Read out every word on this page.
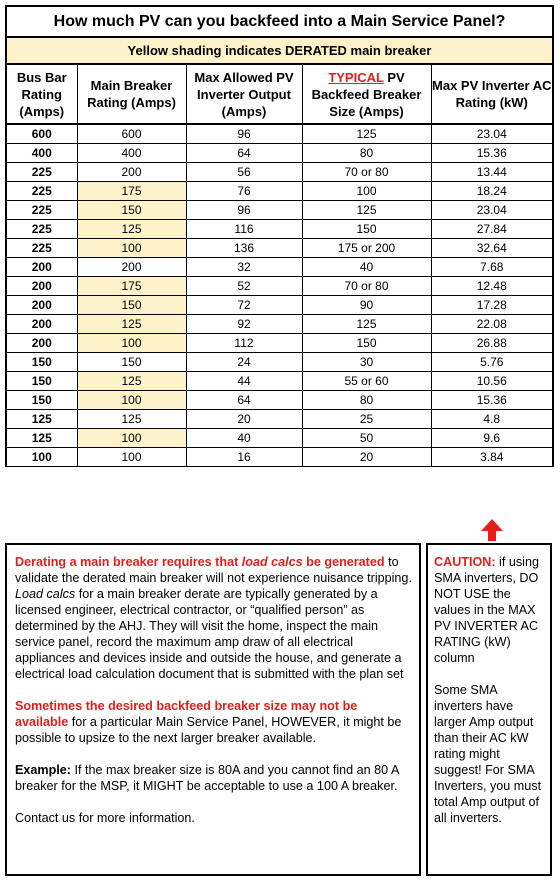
How much PV can you backfeed into a Main Service Panel?				
Yellow shading indicates DERATED main breaker				
Bus Bar Rating (Amps)	Main Breaker Rating (Amps)	Max Allowed PV Inverter Output (Amps)	TYPICAL PV Backfeed Breaker Size (Amps)	Max PV Inverter AC Rating (kW)
600	600	96	125	23.04
400	400	64	80	15.36
225	200	56	70 or 80	13.44
225	175	76	100	18.24
225	150	96	125	23.04
225	125	116	150	27.84
225	100	136	175 or 200	32.64
200	200	32	40	7.68
200	175	52	70 or 80	12.48
200	150	72	90	17.28
200	125	92	125	22.08
200	100	112	150	26.88
150	150	24	30	5.76
150	125	44	55 or 60	10.56
150	100	64	80	15.36
125	125	20	25	4.8
125	100	40	50	9.6
100	100	16	20	3.84

Derating a main breaker requires that load calcs be generated to validate the derated main breaker will not experience nuisance tripping. Load calcs for a main breaker derate are typically generated by a licensed engineer, electrical contractor, or “qualified person” as determined by the AHJ. They will visit the home, inspect the main service panel, record the maximum amp draw of all electrical appliances and devices inside and outside the house, and generate a electrical load calculation document that is submitted with the plan set

Sometimes the desired backfeed breaker size may not be available for a particular Main Service Panel, HOWEVER, it might be possible to upsize to the next larger breaker available.

Example: If the max breaker size is 80A and you cannot find an 80 A breaker for the MSP, it MIGHT be acceptable to use a 100 A breaker.

Contact us for more information.

CAUTION: if using SMA inverters, DO NOT USE the values in the MAX PV INVERTER AC RATING (kW) column

Some SMA inverters have larger Amp output than their AC kW rating might suggest! For SMA Inverters, you must total Amp output of all inverters.
